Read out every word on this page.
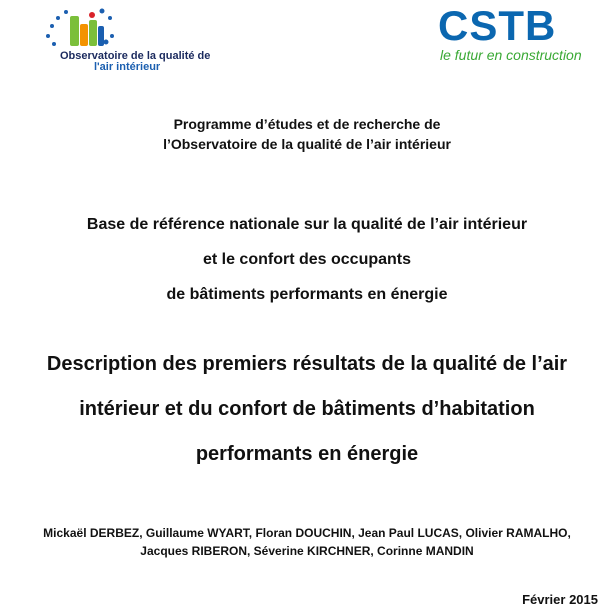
Observatoire de la qualité de
l'air intérieur
CSTB
le futur en construction
Programme d’études et de recherche de
l’Observatoire de la qualité de l’air intérieur
Base de référence nationale sur la qualité de l’air intérieur
et le confort des occupants
de bâtiments performants en énergie
Description des premiers résultats de la qualité de l’air
intérieur et du confort de bâtiments d’habitation
performants en énergie
Mickaël DERBEZ, Guillaume WYART, Floran DOUCHIN, Jean Paul LUCAS, Olivier RAMALHO,
Jacques RIBERON, Séverine KIRCHNER, Corinne MANDIN
Février 2015
